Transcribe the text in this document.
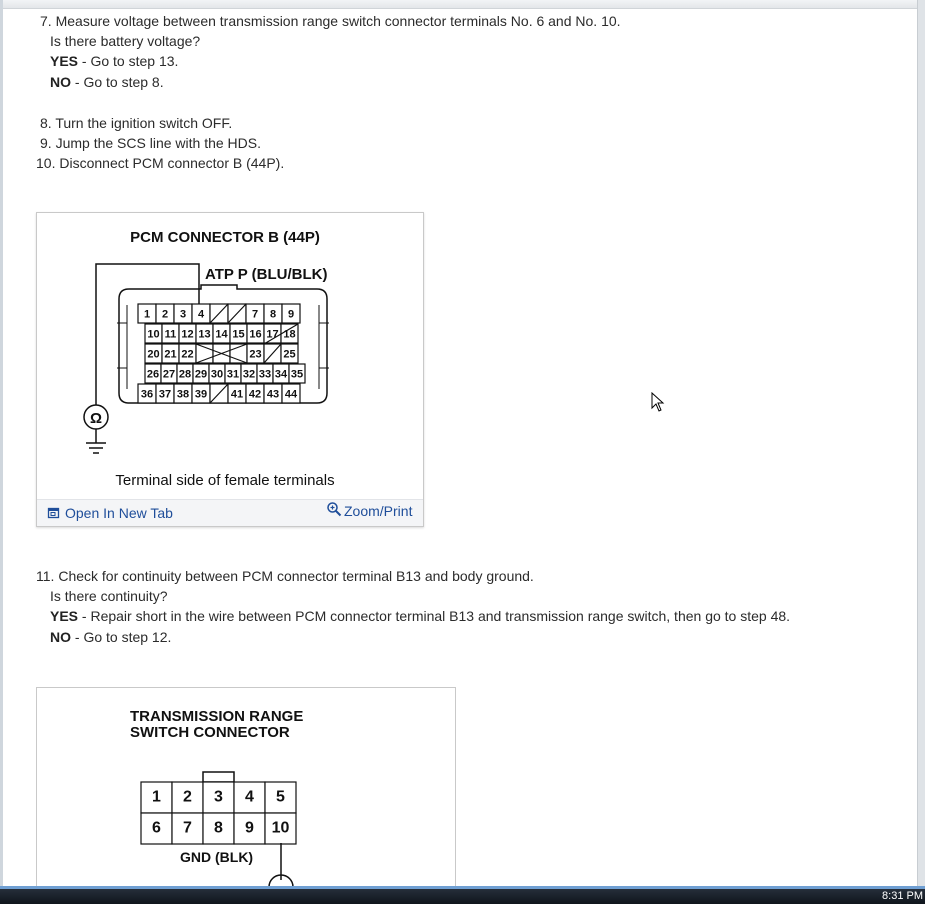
7. Measure voltage between transmission range switch connector terminals No. 6 and No. 10.
Is there battery voltage?
YES - Go to step 13.
NO - Go to step 8.
8. Turn the ignition switch OFF.
9. Jump the SCS line with the HDS.
10. Disconnect PCM connector B (44P).
PCM CONNECTOR B (44P)
ATP P (BLU/BLK)
1 2 3 4	7 8 9
10 11 12 13 14 15 16 17 18
20 21 22	23 25
26 27 28 29 30 31 32 33 34 35
36 37 38 39 41 42 43 44
Ω
Terminal side of female terminals
Open In New Tab	Zoom/Print
11. Check for continuity between PCM connector terminal B13 and body ground.
Is there continuity?
YES - Repair short in the wire between PCM connector terminal B13 and transmission range switch, then go to step 48.
NO - Go to step 12.
TRANSMISSION RANGE
SWITCH CONNECTOR
1 2 3 4 5
6 7 8 9 10
GND (BLK)
8:31 PM
